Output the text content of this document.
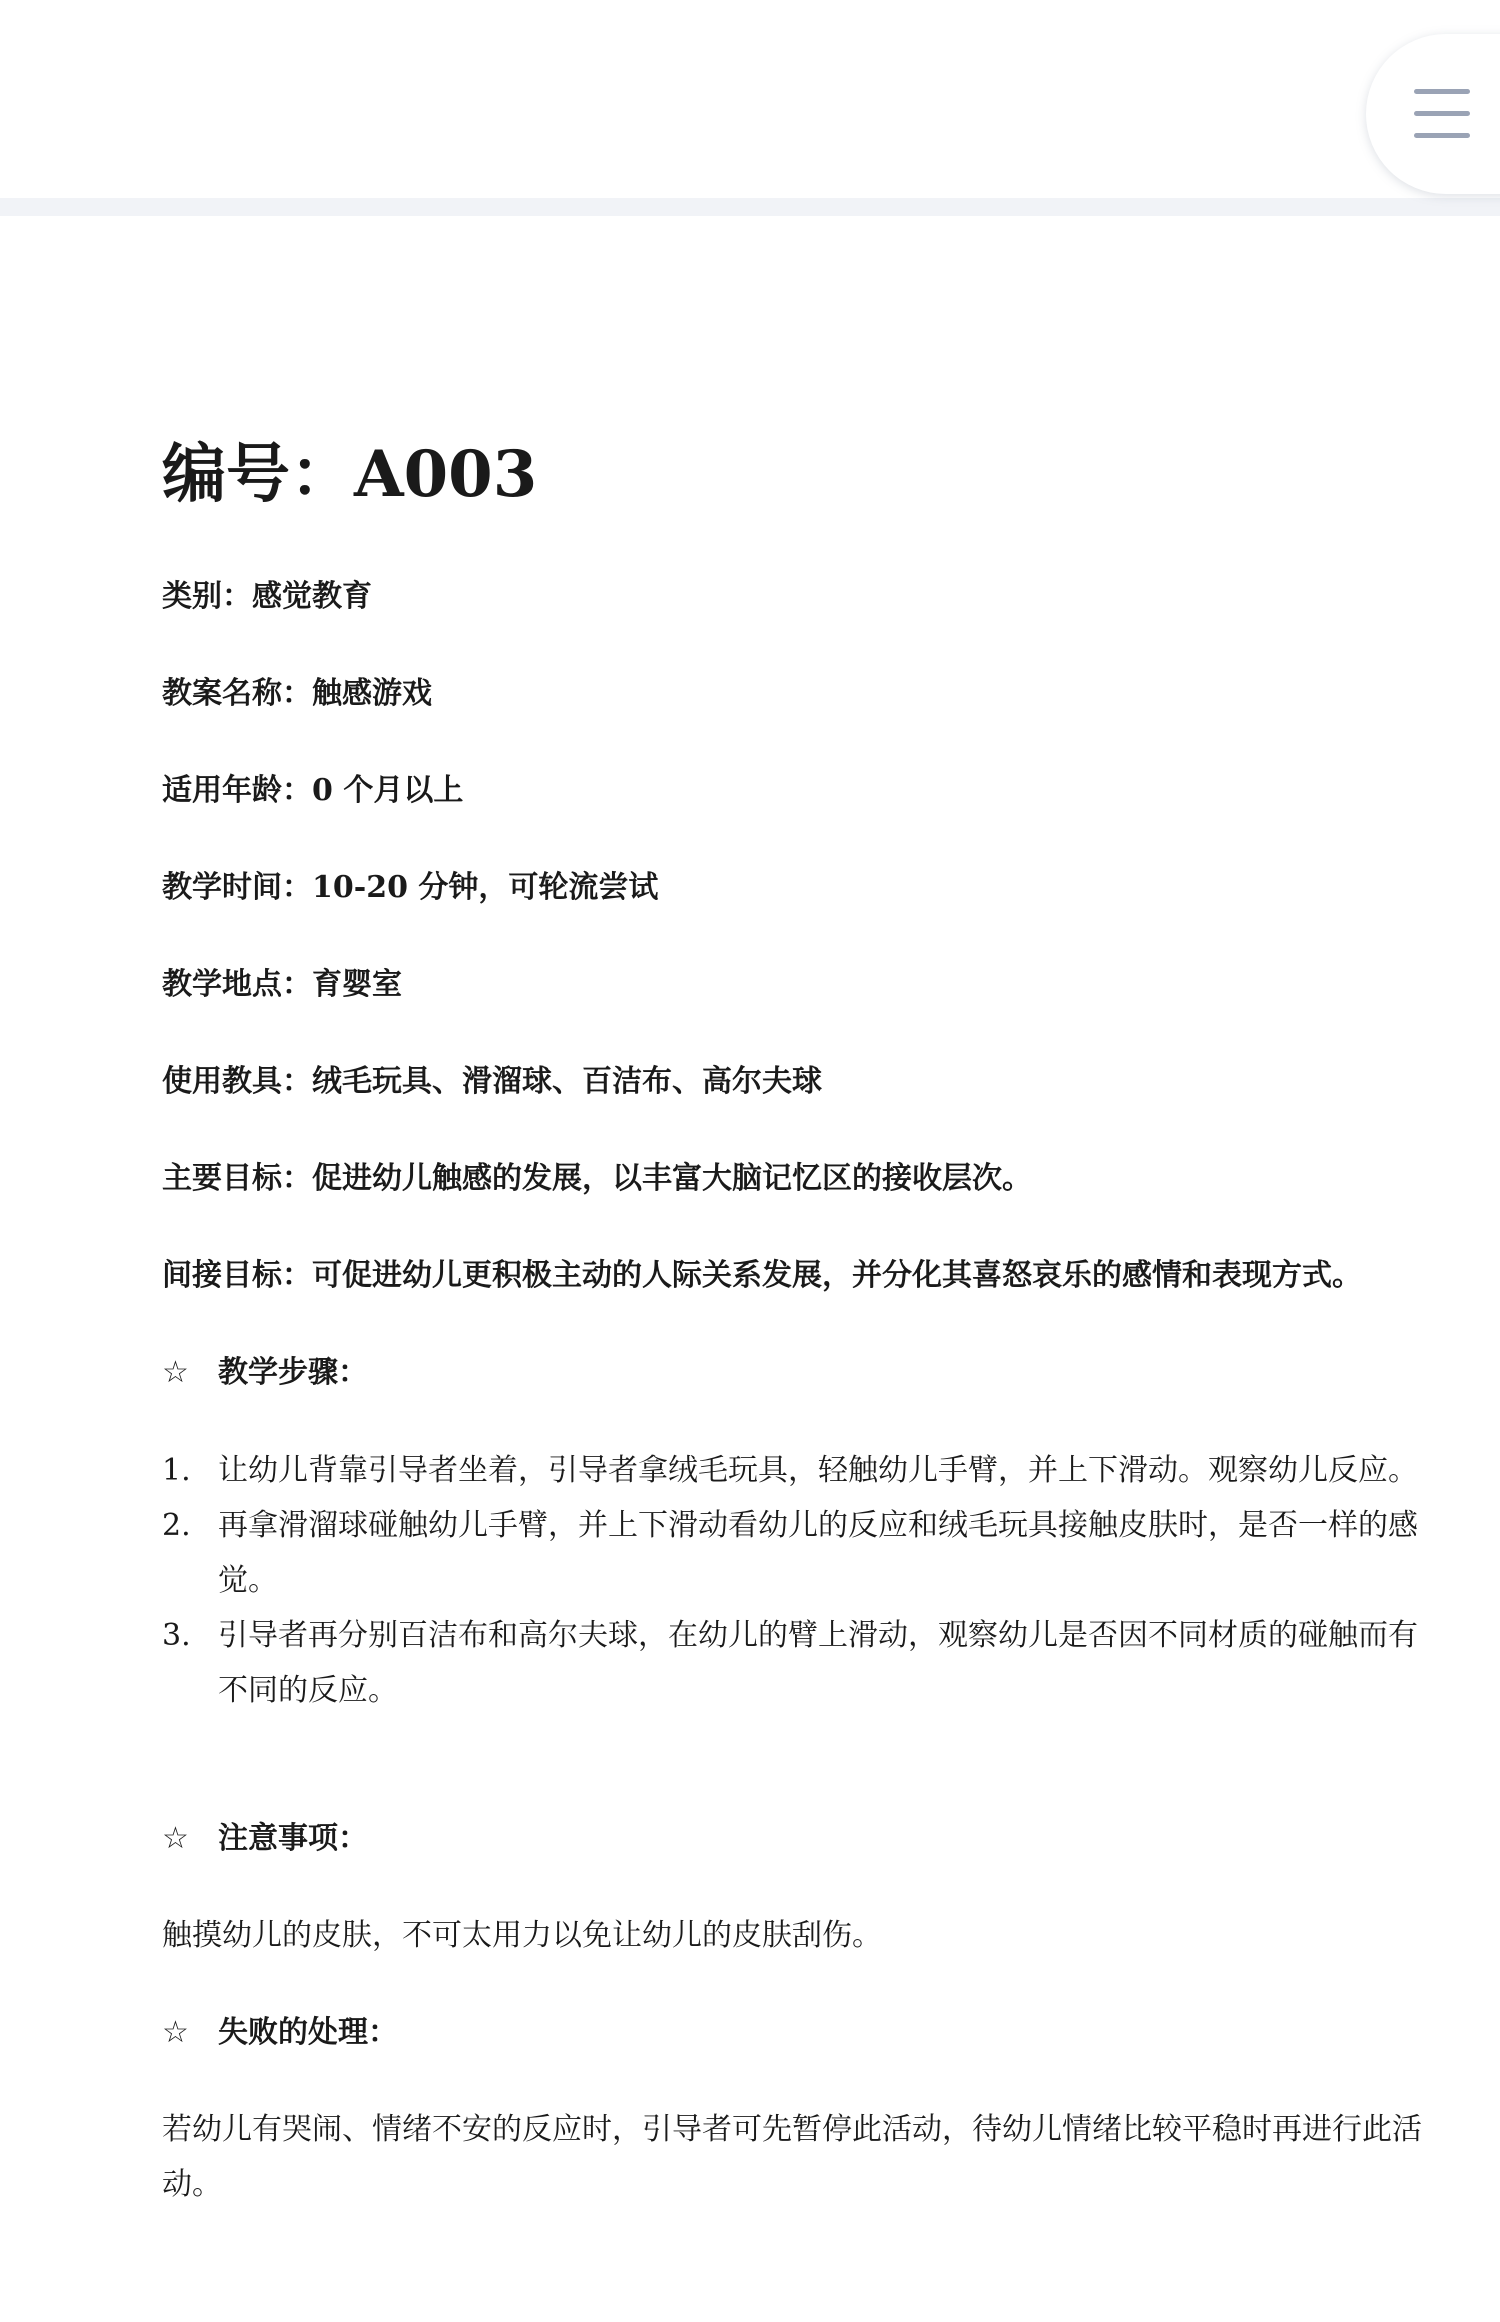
编号：A003
类别：感觉教育
教案名称：触感游戏
适用年龄：0 个月以上
教学时间：10-20 分钟，可轮流尝试
教学地点：育婴室
使用教具：绒毛玩具、滑溜球、百洁布、高尔夫球
主要目标：促进幼儿触感的发展，以丰富大脑记忆区的接收层次。
间接目标：可促进幼儿更积极主动的人际关系发展，并分化其喜怒哀乐的感情和表现方式。
☆ 教学步骤：
1. 让幼儿背靠引导者坐着，引导者拿绒毛玩具，轻触幼儿手臂，并上下滑动。观察幼儿反应。
2. 再拿滑溜球碰触幼儿手臂，并上下滑动看幼儿的反应和绒毛玩具接触皮肤时，是否一样的感觉。
3. 引导者再分别百洁布和高尔夫球，在幼儿的臂上滑动，观察幼儿是否因不同材质的碰触而有不同的反应。
☆ 注意事项：
触摸幼儿的皮肤，不可太用力以免让幼儿的皮肤刮伤。
☆ 失败的处理：
若幼儿有哭闹、情绪不安的反应时，引导者可先暂停此活动，待幼儿情绪比较平稳时再进行此活动。
